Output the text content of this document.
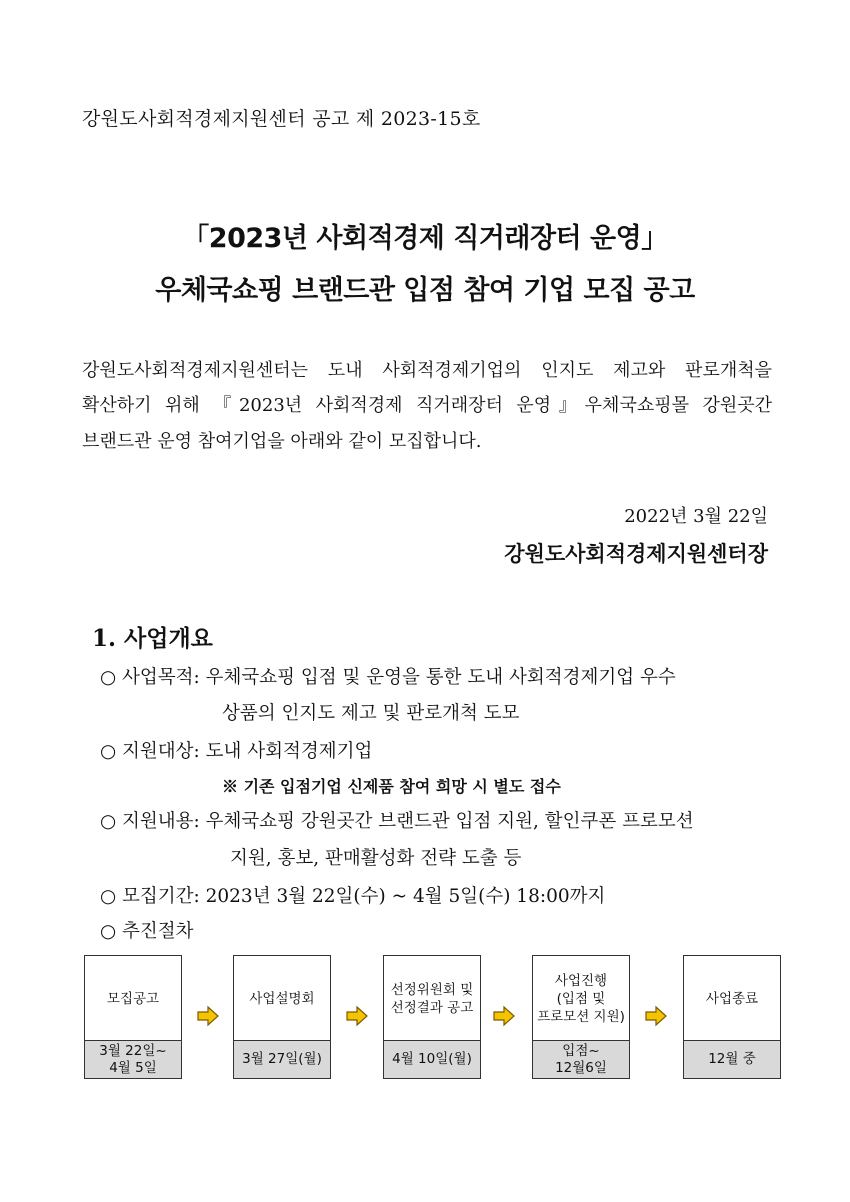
강원도사회적경제지원센터 공고 제 2023-15호
「2023년 사회적경제 직거래장터 운영」
우체국쇼핑 브랜드관 입점 참여 기업 모집 공고
강원도사회적경제지원센터는 도내 사회적경제기업의 인지도 제고와 판로개척을
확산하기 위해 『2023년 사회적경제 직거래장터 운영』우체국쇼핑몰 강원곳간
브랜드관 운영 참여기업을 아래와 같이 모집합니다.
2022년 3월 22일
강원도사회적경제지원센터장
1. 사업개요
○ 사업목적: 우체국쇼핑 입점 및 운영을 통한 도내 사회적경제기업 우수
상품의 인지도 제고 및 판로개척 도모
○ 지원대상: 도내 사회적경제기업
※ 기존 입점기업 신제품 참여 희망 시 별도 접수
○ 지원내용: 우체국쇼핑 강원곳간 브랜드관 입점 지원, 할인쿠폰 프로모션
지원, 홍보, 판매활성화 전략 도출 등
○ 모집기간: 2023년 3월 22일(수) ~ 4월 5일(수) 18:00까지
○ 추진절차
모집공고
3월 22일~
4월 5일
사업설명회
3월 27일(월)
선정위원회 및
선정결과 공고
4월 10일(월)
사업진행
(입점 및
프로모션 지원)
입점~
12월6일
사업종료
12월 중
